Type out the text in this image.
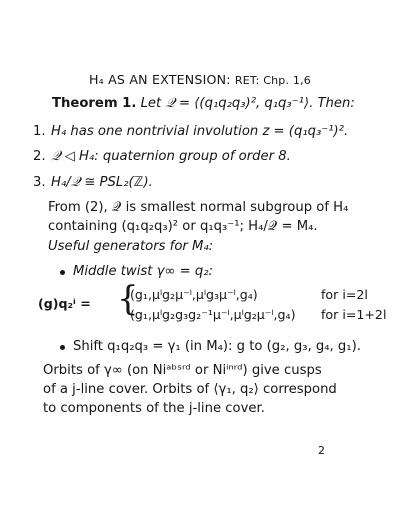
H₄ AS AN EXTENSION: RET: Chp. 1,6
Theorem 1. Let 𝒬 = ⟨(q₁q₂q₃)², q₁q₃⁻¹⟩. Then:
1. H₄ has one nontrivial involution z = (q₁q₃⁻¹)².
2. 𝒬 ◁ H₄: quaternion group of order 8.
3. H₄/𝒬 ≅ PSL₂(ℤ).
From (2), 𝒬 is smallest normal subgroup of H₄
containing (q₁q₂q₃)² or q₁q₃⁻¹; H₄/𝒬 = M₄.
Useful generators for M₄:
Middle twist γ∞ = q₂:
(g)q₂ⁱ = {
(g₁,μˡg₂μ⁻ˡ,μˡg₃μ⁻ˡ,g₄)	for i=2l
(g₁,μˡg₂g₃g₂⁻¹μ⁻ˡ,μˡg₂μ⁻ˡ,g₄) for i=1+2l
Shift q₁q₂q₃ = γ₁ (in M₄): g to (g₂, g₃, g₄, g₁).
Orbits of γ∞ (on Niᵃᵇˢʳᵈ or Niⁱⁿʳᵈ) give cusps
of a j-line cover. Orbits of ⟨γ₁, q₂⟩ correspond
to components of the j-line cover.
2
